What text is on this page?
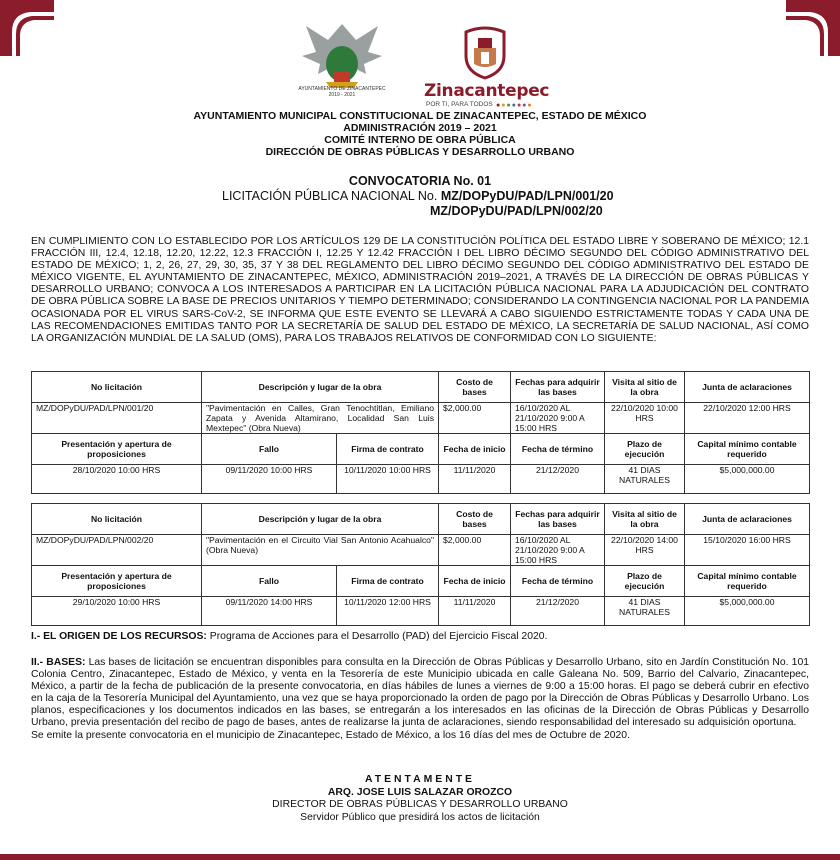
AYUNTAMIENTO DE ZINACANTEPEC
2019 - 2021	Zinacantepec
POR TI, PARA TODOS ●●●●●●●
AYUNTAMIENTO MUNICIPAL CONSTITUCIONAL DE ZINACANTEPEC, ESTADO DE MÉXICO
ADMINISTRACIÓN 2019 – 2021
COMITÉ INTERNO DE OBRA PÚBLICA
DIRECCIÓN DE OBRAS PÚBLICAS Y DESARROLLO URBANO
CONVOCATORIA No. 01
LICITACIÓN PÚBLICA NACIONAL No. MZ/DOPyDU/PAD/LPN/001/20
MZ/DOPyDU/PAD/LPN/002/20
EN CUMPLIMIENTO CON LO ESTABLECIDO POR LOS ARTÍCULOS 129 DE LA CONSTITUCIÓN POLÍTICA DEL ESTADO LIBRE Y SOBERANO DE MÉXICO; 12.1 FRACCIÓN III, 12.4, 12.18, 12.20, 12.22, 12.3 FRACCIÓN I, 12.25 Y 12.42 FRACCIÓN I DEL LIBRO DÉCIMO SEGUNDO DEL CÓDIGO ADMINISTRATIVO DEL ESTADO DE MÉXICO; 1, 2, 26, 27, 29, 30, 35, 37 Y 38 DEL REGLAMENTO DEL LIBRO DÉCIMO SEGUNDO DEL CÓDIGO ADMINISTRATIVO DEL ESTADO DE MÉXICO VIGENTE, EL AYUNTAMIENTO DE ZINACANTEPEC, MÉXICO, ADMINISTRACIÓN 2019–2021, A TRAVÉS DE LA DIRECCIÓN DE OBRAS PÚBLICAS Y DESARROLLO URBANO; CONVOCA A LOS INTERESADOS A PARTICIPAR EN LA LICITACIÓN PÚBLICA NACIONAL PARA LA ADJUDICACIÓN DEL CONTRATO DE OBRA PÚBLICA SOBRE LA BASE DE PRECIOS UNITARIOS Y TIEMPO DETERMINADO; CONSIDERANDO LA CONTINGENCIA NACIONAL POR LA PANDEMIA OCASIONADA POR EL VIRUS SARS-CoV-2, SE INFORMA QUE ESTE EVENTO SE LLEVARÁ A CABO SIGUIENDO ESTRICTAMENTE TODAS Y CADA UNA DE LAS RECOMENDACIONES EMITIDAS TANTO POR LA SECRETARÍA DE SALUD DEL ESTADO DE MÉXICO, LA SECRETARÍA DE SALUD NACIONAL, ASÍ COMO LA ORGANIZACIÓN MUNDIAL DE LA SALUD (OMS), PARA LOS TRABAJOS RELATIVOS DE CONFORMIDAD CON LO SIGUIENTE:
No licitación	Descripción y lugar de la obra		Costo de bases	Fechas para adquirir las bases	Visita al sitio de la obra	Junta de aclaraciones
MZ/DOPyDU/PAD/LPN/001/20	"Pavimentación en Calles, Gran Tenochtitlan, Emiliano Zapata y Avenida Altamirano, Localidad San Luis Mextepec" (Obra Nueva)		$2,000.00	16/10/2020 AL 21/10/2020 9:00 A 15:00 HRS	22/10/2020 10:00 HRS	22/10/2020 12:00 HRS
Presentación y apertura de proposiciones	Fallo	Firma de contrato	Fecha de inicio	Fecha de término	Plazo de ejecución	Capital mínimo contable requerido
28/10/2020 10:00 HRS	09/11/2020 10:00 HRS	10/11/2020 10:00 HRS	11/11/2020	21/12/2020	41 DIAS NATURALES	$5,000,000.00
No licitación	Descripción y lugar de la obra		Costo de bases	Fechas para adquirir las bases	Visita al sitio de la obra	Junta de aclaraciones
MZ/DOPyDU/PAD/LPN/002/20	"Pavimentación en el Circuito Vial San Antonio Acahualco" (Obra Nueva)		$2,000.00	16/10/2020 AL 21/10/2020 9:00 A 15:00 HRS	22/10/2020 14:00 HRS	15/10/2020 16:00 HRS
Presentación y apertura de proposiciones	Fallo	Firma de contrato	Fecha de inicio	Fecha de término	Plazo de ejecución	Capital mínimo contable requerido
29/10/2020 10:00 HRS	09/11/2020 14:00 HRS	10/11/2020 12:00 HRS	11/11/2020	21/12/2020	41 DIAS NATURALES	$5,000,000.00
I.- EL ORIGEN DE LOS RECURSOS: Programa de Acciones para el Desarrollo (PAD) del Ejercicio Fiscal 2020.
II.- BASES: Las bases de licitación se encuentran disponibles para consulta en la Dirección de Obras Públicas y Desarrollo Urbano, sito en Jardín Constitución No. 101 Colonia Centro, Zinacantepec, Estado de México, y venta en la Tesorería de este Municipio ubicada en calle Galeana No. 509, Barrio del Calvario, Zinacantepec, México, a partir de la fecha de publicación de la presente convocatoria, en días hábiles de lunes a viernes de 9:00 a 15:00 horas. El pago se deberá cubrir en efectivo en la caja de la Tesorería Municipal del Ayuntamiento, una vez que se haya proporcionado la orden de pago por la Dirección de Obras Públicas y Desarrollo Urbano. Los planos, especificaciones y los documentos indicados en las bases, se entregarán a los interesados en las oficinas de la Dirección de Obras Públicas y Desarrollo Urbano, previa presentación del recibo de pago de bases, antes de realizarse la junta de aclaraciones, siendo responsabilidad del interesado su adquisición oportuna.
Se emite la presente convocatoria en el municipio de Zinacantepec, Estado de México, a los 16 días del mes de Octubre de 2020.
ATENTAMENTE
ARQ. JOSE LUIS SALAZAR OROZCO
DIRECTOR DE OBRAS PÚBLICAS Y DESARROLLO URBANO
Servidor Público que presidirá los actos de licitación
